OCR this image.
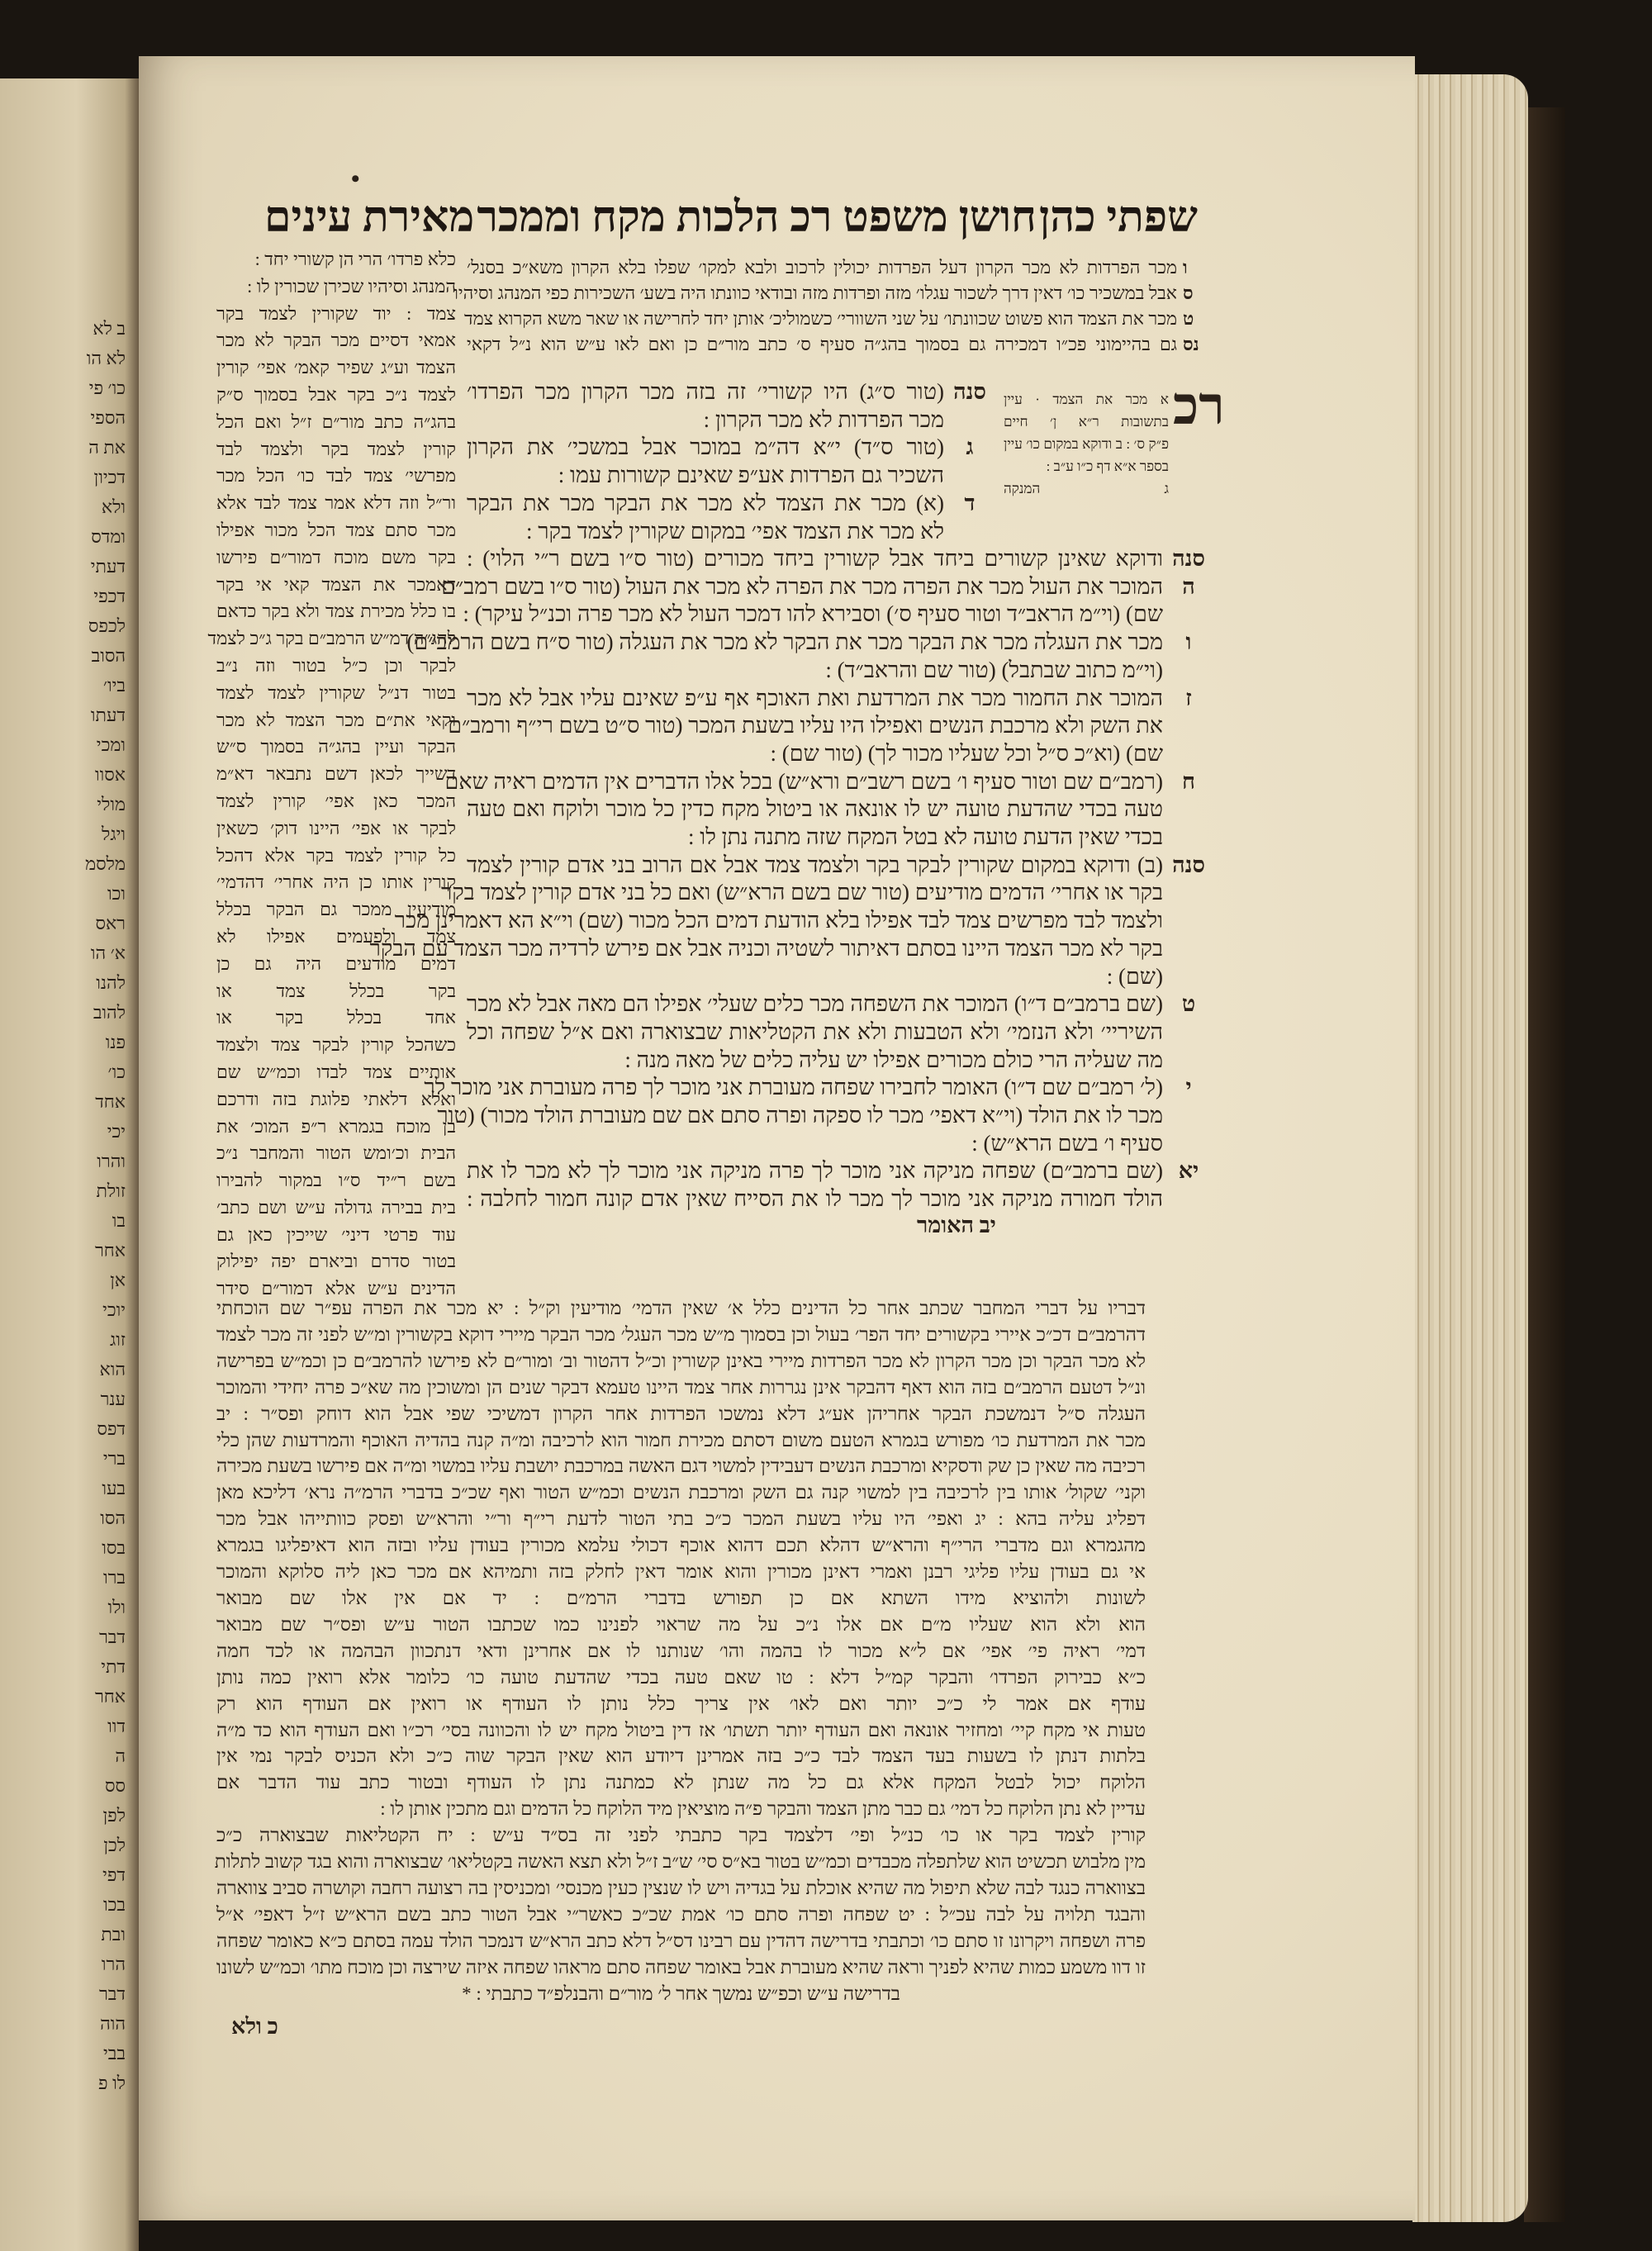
ב לא
לא הו
כו׳ פי
הספי
את ה
דכיון
ולא
ומדס
דעתי
דכפי
לכפס
הסוב
ביו׳
דעתו
ומכי
אסוו
מולי
ויגל
מלסמ
וכו
ראס
א׳ הו
להנו
להוב
פנו
כו׳
אחד
יכי
והרו
זולת
בו
אחר
אן
יוכי
זוג
הוא
ענר
דפס
ברי
בעו
הסו
בסו
ברו
ולו
דבר
דתי
אחר
דוו
ה
סס
לפן
לכן
דפי
בכו
ובת
הרו
דבר
הוה
בבי
לו פ
•
שפתי כהן
חושן משפט רכ הלכות מקח וממכר
מאירת עינים
ו
ס
ט
נס
מכר הפרדות לא מכר הקרון דעל הפרדות יכולין לרכוב ולבא למקו׳ שפלו בלא הקרון משא״כ בסנל׳
אבל במשכיר כו׳ דאין דרך לשכור עגלו׳ מזה ופרדות מזה ובודאי כוונתו היה בשע׳ השכירות כפי המנהג וסיהיו
מכר את הצמד הוא פשוט שכוונתו׳ על שני השוורי׳ כשמוליכ׳ אותן יחד לחרישה או שאר משא הקרוא צמד
גם בהיימוני פכ״ו דמכירה גם בסמוך בהג״ה סעיף ס׳ כתב מור״ם כן ואם לאו ע״ש הוא נ״ל דקאי
כלא פרדו׳ הרי הן קשורי יחד :
המנהג וסיהיו שכירן שכורין לו :
צמד : יוד שקורין לצמד בקר
אמאי דסיים מכר הבקר לא מכר
הצמד וע״ג שפיר קאמ׳ אפי׳ קורין
לצמד נ״כ בקר אבל בסמוך ס״ק
בהג״ה כתב מור״ם ז״ל ואם הכל
קורין לצמד בקר ולצמד לבד
מפרשי׳ צמד לבד כו׳ הכל מכר
ור״ל וזה דלא אמר צמד לבד אלא
מכר סתם צמד הכל מכור אפילו
בקר משם מוכח דמור״ם פירשו
דאמכר את הצמד קאי אי בקר
בו כלל מכירת צמד ולא בקר כדאם
להג״ה דמ״ש הרמב״ם בקר ג״כ לצמד
לבקר וכן כ״ל בטור וזה נ״ב
בטור דנ״ל שקורין לצמד לצמד
וקאי את״ם מכר הצמד לא מכר
הבקר ועיין בהג״ה בסמוך ס״ש
דשייך לכאן דשם נתבאר דא״מ
המכר כאן אפי׳ קורין לצמד
לבקר או אפי׳ היינו דוק׳ כשאין
כל קורין לצמד בקר אלא דהכל
קורין אותו כן היה אחרי׳ דהדמי׳
מודיעין ממכר גם הבקר בכלל
צמד ולפעמים אפילו לא
דמים מודעים היה גם כן
בקר בכלל צמד או
אחד בכלל בקר או
כשהכל קורין לבקר צמד ולצמד
אותיים צמד לבדו וכמ״ש שם
ואלא דלאתי פלוגת בזה ודרכם
בן מוכח בגמרא ר״פ המוכ׳ את
הבית וכ׳ומש הטור והמחבר נ״כ
בשם ר״יד ס״ו במקור להבירו
בית בבירה גדולה ע״ש ושם כתב׳
עוד פרטי דיני׳ שייכין כאן גם
בטור סדרם וביארם יפה יפילוק
הדינים ע״ש אלא דמור״ם סידר
רכ
א מכר את הצמד · עיין
בתשובות ר״א ן׳ חיים
פ״ק ס׳ : ב ודוקא במקום כו׳ עיין
בספר א״א דף כ״ו ע״ב :
ג המנקה
סנה
(טור ס״ג) היו קשורי׳ זה בזה מכר הקרון מכר הפרדו׳
מכר הפרדות לא מכר הקרון :
ג
(טור ס״ד) י״א דה״מ במוכר אבל במשכי׳ את הקרון
השכיר גם הפרדות אע״פ שאינם קשורות עמו :
ד
(א) מכר את הצמד לא מכר את הבקר מכר את הבקר
לא מכר את הצמד אפי׳ במקום שקורין לצמד בקר :
סנה
ודוקא שאינן קשורים ביחד אבל קשורין ביחד מכורים (טור ס״ו בשם ר״י הלוי) :
ה
המוכר את העול מכר את הפרה מכר את הפרה לא מכר את העול (טור ס״ו בשם רמב״ם
שם) (וי״מ הראב״ד וטור סעיף ס׳) וסבירא להו דמכר העול לא מכר פרה וכנ״ל עיקר) :
ו
מכר את העגלה מכר את הבקר מכר את הבקר לא מכר את העגלה (טור ס״ח בשם הרמב״ם)
(וי״מ כתוב שבתבל) (טור שם והראב״ד) :
ז
המוכר את החמור מכר את המרדעת ואת האוכף אף ע״פ שאינם עליו אבל לא מכר
את השק ולא מרכבת הנשים ואפילו היו עליו בשעת המכר (טור ס״ט בשם רי״ף ורמב״ם
שם) (וא״כ ס״ל וכל שעליו מכור לך) (טור שם) :
ח
(רמב״ם שם וטור סעיף ו׳ בשם רשב״ם ורא״ש) בכל אלו הדברים אין הדמים ראיה שאם
טעה בכדי שהדעת טועה יש לו אונאה או ביטול מקח כדין כל מוכר ולוקח ואם טעה
בכדי שאין הדעת טועה לא בטל המקח שזה מתנה נתן לו :
סנה
(ב) ודוקא במקום שקורין לבקר בקר ולצמד צמד אבל אם הרוב בני אדם קורין לצמד
בקר או אחרי׳ הדמים מודיעים (טור שם בשם הרא״ש) ואם כל בני אדם קורין לצמד בקר
ולצמד לבד מפרשים צמד לבד אפילו בלא הודעת דמים הכל מכור (שם) וי״א הא דאמרינן מכר
בקר לא מכר הצמד היינו בסתם דאיתור לשטיה וכניה אבל אם פירש לרדיה מכר הצמד עם הבקר
(שם) :
ט
(שם ברמב״ם ד״ו) המוכר את השפחה מכר כלים שעלי׳ אפילו הם מאה אבל לא מכר
השיריי׳ ולא הנזמי׳ ולא הטבעות ולא את הקטליאות שבצוארה ואם א״ל שפחה וכל
מה שעליה הרי כולם מכורים אפילו יש עליה כלים של מאה מנה :
י
(ל׳ רמב״ם שם ד״ו) האומר לחבירו שפחה מעוברת אני מוכר לך פרה מעוברת אני מוכר לך
מכר לו את הולד (וי״א דאפי׳ מכר לו ספקה ופרה סתם אם שם מעוברת הולד מכור) (טור
סעיף ו׳ בשם הרא״ש) :
יא
(שם ברמב״ם) שפחה מניקה אני מוכר לך פרה מניקה אני מוכר לך לא מכר לו את
הולד חמורה מניקה אני מוכר לך מכר לו את הסייח שאין אדם קונה חמור לחלבה :
יב האומר
דבריו על דברי המחבר שכתב אחר כל הדינים כלל א׳ שאין הדמי׳ מודיעין וק״ל : יא מכר את הפרה עפ״ר שם הוכחתי
דהרמב״ם דכ״כ איירי בקשורים יחד הפר׳ בעול וכן בסמוך מ״ש מכר העגל׳ מכר הבקר מיירי דוקא בקשורין ומ״ש לפני זה מכר לצמד
לא מכר הבקר וכן מכר הקרון לא מכר הפרדות מיירי באינן קשורין וכ״ל דהטור וב׳ ומור״ם לא פירשו להרמב״ם כן וכמ״ש בפרישה
ונ״ל דטעם הרמב״ם בזה הוא דאף דהבקר אינן נגררות אחר צמד היינו טעמא דבקר שנים הן ומשוכין מה שא״כ פרה יחידי והמוכר
העגלה ס״ל דנמשכת הבקר אחריהן אע״ג דלא נמשכו הפרדות אחר הקרון דמשיכי שפי אבל הוא דוחק ופס״ר : יב
מכר את המרדעת כו׳ מפורש בגמרא הטעם משום דסתם מכירת חמור הוא לרכיבה ומ״ה קנה בהדיה האוכף והמרדעות שהן כלי
רכיבה מה שאין כן שק ודסקיא ומרכבת הנשים דעבידין למשוי דגם האשה במרכבת יושבת עליו במשוי ומ״ה אם פירשו בשעת מכירה
וקני׳ שקול׳ אותו בין לרכיבה בין למשוי קנה גם השק ומרכבת הנשים וכמ״ש הטור ואף שכ״כ בדברי הרמ״ה נרא׳ דליכא מאן
דפליג עליה בהא : יג ואפי׳ היו עליו בשעת המכר כ״כ בתי הטור לדעת רי״ף ור״י והרא״ש ופסק כוותייהו אבל מכר
מהגמרא וגם מדברי הרי״ף והרא״ש דהלא תכם דהוא אוכף דכולי עלמא מכורין בעודן עליו ובזה הוא דאיפליגו בגמרא
אי גם בעודן עליו פליגי רבנן ואמרי דאינן מכורין והוא אומר דאין לחלק בזה ותמיהא אם מכר כאן ליה סלוקא והמוכר
לשונות ולהוציא מידו השתא אם כן תפורש בדברי הרמ״ם : יד אם אין אלו שם מבואר
הוא ולא הוא שעליו מ״ם אם אלו נ״כ על מה שראוי לפנינו כמו שכתבו הטור ע״ש ופס״ר שם מבואר
דמי׳ ראיה פי׳ אפי׳ אם ל״א מכור לו בהמה והו׳ שנותנו לו אם אחרינן ודאי דנתכוון הבהמה או לכד חמה
כ״א כבירוק הפרדו׳ והבקר קמ״ל דלא : טו שאם טעה בכדי שהדעת טועה כו׳ כלומר אלא רואין כמה נותן
עודף אם אמר לי כ״כ יותר ואם לאו׳ אין צריך כלל נותן לו העודף או רואין אם העודף הוא רק
טעות אי מקח קיי׳ ומחזיר אונאה ואם העודף יותר תשתו׳ אז דין ביטול מקח יש לו והכוונה בסי׳ רכ״ו ואם העודף הוא כד מ״ה
בלתות דנתן לו בשעות בעד הצמד לבד כ״כ בזה אמרינן דיודע הוא שאין הבקר שוה כ״כ ולא הכניס לבקר נמי אין
הלוקח יכול לבטל המקח אלא גם כל מה שנתן לא כמתנה נתן לו העודף ובטור כתב עוד הדבר אם
עדיין לא נתן הלוקח כל דמי׳ גם כבר מתן הצמד והבקר פ״ה מוציאין מיד הלוקח כל הדמים וגם מתכין אותן לו :
קורין לצמד בקר או כו׳ כנ״ל ופי׳ דלצמד בקר כתבתי לפני זה בס״ד ע״ש : יח הקטליאות שבצוארה כ״כ
מין מלבוש תכשיט הוא שלתפלה מכבדים וכמ״ש בטור בא״ס סי׳ ש״ב ז״ל ולא תצא האשה בקטליאו׳ שבצוארה והוא בגד קשוב לתלות
בצווארה כנגד לבה שלא תיפול מה שהיא אוכלת על בגדיה ויש לו שנצין כעין מכנסי׳ ומכניסין בה רצועה רחבה וקושרה סביב צווארה
והבגד תלויה על לבה עכ״ל : יט שפחה ופרה סתם כו׳ אמת שכ״כ כאשר״י אבל הטור כתב בשם הרא״ש ז״ל דאפי׳ א״ל
פרה ושפחה ויקרונו זו סתם כו׳ וכתבתי בדרישה דהדין עם רבינו דס״ל דלא כתב הרא״ש דנמכר הולד עמה בסתם כ״א כאומר שפחה
זו דוו משמע כמות שהיא לפניך וראה שהיא מעוברת אבל באומר שפחה סתם מראהו שפחה איזה שירצה וכן מוכח מתו׳ וכמ״ש לשונו
בדרישה ע״ש וכפ״ש נמשך אחר ל׳ מור״ם והבנלפ״ד כתבתי : *
כ ולא
